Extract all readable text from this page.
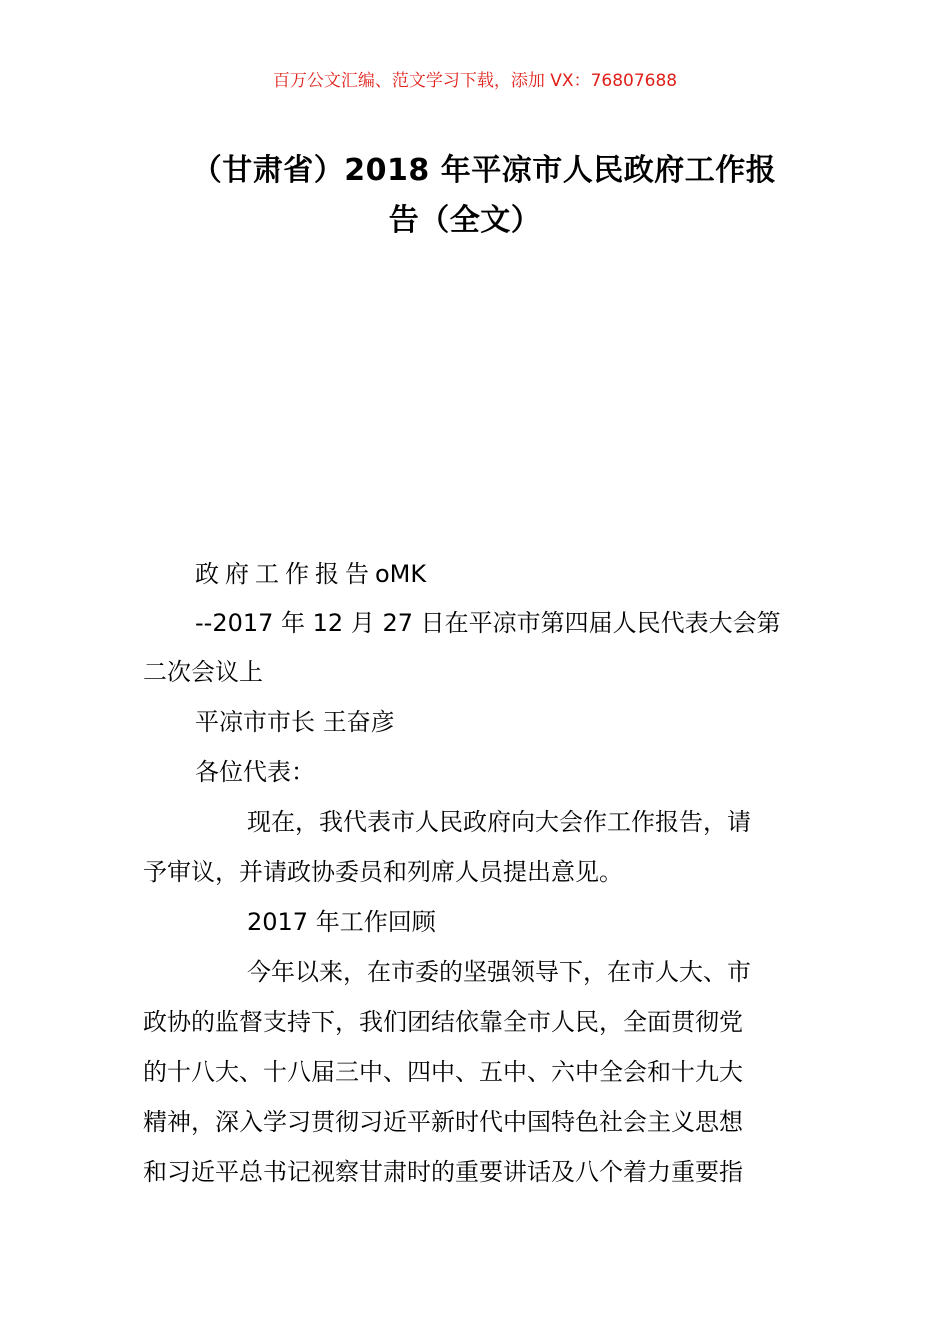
百万公文汇编、范文学习下载，添加 VX：76807688
（甘肃省）2018 年平凉市人民政府工作报
告（全文）
政府工作报告oMK
--2017 年 12 月 27 日在平凉市第四届人民代表大会第
二次会议上
平凉市市长 王奋彦
各位代表：
现在，我代表市人民政府向大会作工作报告，请
予审议，并请政协委员和列席人员提出意见。
2017 年工作回顾
今年以来，在市委的坚强领导下，在市人大、市
政协的监督支持下，我们团结依靠全市人民，全面贯彻党
的十八大、十八届三中、四中、五中、六中全会和十九大
精神，深入学习贯彻习近平新时代中国特色社会主义思想
和习近平总书记视察甘肃时的重要讲话及八个着力重要指
